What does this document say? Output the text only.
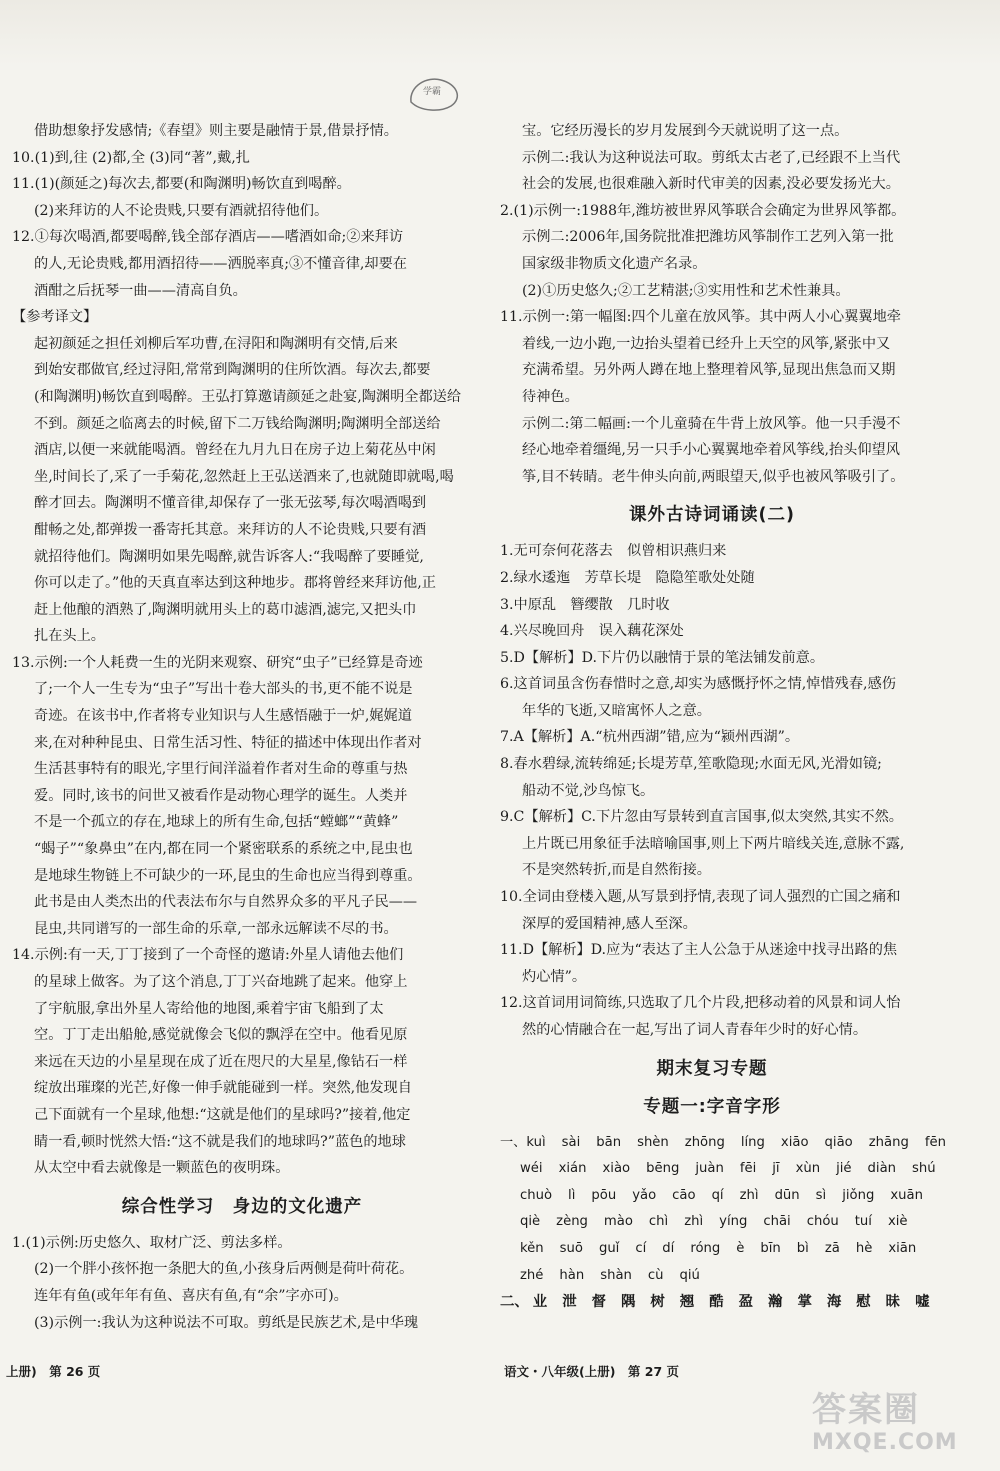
学霸

借助想象抒发感情;《春望》则主要是融情于景,借景抒情。

10.(1)到,往 (2)都,全 (3)同“著”,戴,扎

11.(1)(颜延之)每次去,都要(和陶渊明)畅饮直到喝醉。

(2)来拜访的人不论贵贱,只要有酒就招待他们。

12.①每次喝酒,都要喝醉,钱全部存酒店——嗜酒如命;②来拜访

的人,无论贵贱,都用酒招待——洒脱率真;③不懂音律,却要在

酒酣之后抚琴一曲——清高自负。

【参考译文】

起初颜延之担任刘柳后军功曹,在浔阳和陶渊明有交情,后来

到始安郡做官,经过浔阳,常常到陶渊明的住所饮酒。每次去,都要

(和陶渊明)畅饮直到喝醉。王弘打算邀请颜延之赴宴,陶渊明全都送给

不到。颜延之临离去的时候,留下二万钱给陶渊明;陶渊明全部送给

酒店,以便一来就能喝酒。曾经在九月九日在房子边上菊花丛中闲

坐,时间长了,采了一手菊花,忽然赶上王弘送酒来了,也就随即就喝,喝

醉才回去。陶渊明不懂音律,却保存了一张无弦琴,每次喝酒喝到

酣畅之处,都弹拨一番寄托其意。来拜访的人不论贵贱,只要有酒

就招待他们。陶渊明如果先喝醉,就告诉客人:“我喝醉了要睡觉,

你可以走了。”他的天真直率达到这种地步。郡将曾经来拜访他,正

赶上他酿的酒熟了,陶渊明就用头上的葛巾滤酒,滤完,又把头巾

扎在头上。

13.示例:一个人耗费一生的光阴来观察、研究“虫子”已经算是奇迹

了;一个人一生专为“虫子”写出十卷大部头的书,更不能不说是

奇迹。在该书中,作者将专业知识与人生感悟融于一炉,娓娓道

来,在对种种昆虫、日常生活习性、特征的描述中体现出作者对

生活甚事特有的眼光,字里行间洋溢着作者对生命的尊重与热

爱。同时,该书的问世又被看作是动物心理学的诞生。人类并

不是一个孤立的存在,地球上的所有生命,包括“螳螂”“黄蜂”

“蝎子”“象鼻虫”在内,都在同一个紧密联系的系统之中,昆虫也

是地球生物链上不可缺少的一环,昆虫的生命也应当得到尊重。

此书是由人类杰出的代表法布尔与自然界众多的平凡子民——

昆虫,共同谱写的一部生命的乐章,一部永远解读不尽的书。

14.示例:有一天,丁丁接到了一个奇怪的邀请:外星人请他去他们

的星球上做客。为了这个消息,丁丁兴奋地跳了起来。他穿上

了宇航服,拿出外星人寄给他的地图,乘着宇宙飞船到了太

空。丁丁走出船舱,感觉就像会飞似的飘浮在空中。他看见原

来远在天边的小星星现在成了近在咫尺的大星星,像钻石一样

绽放出璀璨的光芒,好像一伸手就能碰到一样。突然,他发现自

己下面就有一个星球,他想:“这就是他们的星球吗?”接着,他定

睛一看,顿时恍然大悟:“这不就是我们的地球吗?”蓝色的地球

从太空中看去就像是一颗蓝色的夜明珠。

综合性学习　身边的文化遗产

1.(1)示例:历史悠久、取材广泛、剪法多样。

(2)一个胖小孩怀抱一条肥大的鱼,小孩身后两侧是荷叶荷花。

连年有鱼(或年年有鱼、喜庆有鱼,有“余”字亦可)。

(3)示例一:我认为这种说法不可取。剪纸是民族艺术,是中华瑰

宝。它经历漫长的岁月发展到今天就说明了这一点。

示例二:我认为这种说法可取。剪纸太古老了,已经跟不上当代

社会的发展,也很难融入新时代审美的因素,没必要发扬光大。

2.(1)示例一:1988年,潍坊被世界风筝联合会确定为世界风筝都。

示例二:2006年,国务院批准把潍坊风筝制作工艺列入第一批

国家级非物质文化遗产名录。

(2)①历史悠久;②工艺精湛;③实用性和艺术性兼具。

11.示例一:第一幅图:四个儿童在放风筝。其中两人小心翼翼地牵

着线,一边小跑,一边抬头望着已经升上天空的风筝,紧张中又

充满希望。另外两人蹲在地上整理着风筝,显现出焦急而又期

待神色。

示例二:第二幅画:一个儿童骑在牛背上放风筝。他一只手漫不

经心地牵着缰绳,另一只手小心翼翼地牵着风筝线,抬头仰望风

筝,目不转睛。老牛伸头向前,两眼望天,似乎也被风筝吸引了。

课外古诗词诵读(二)

1.无可奈何花落去　似曾相识燕归来

2.绿水逶迤　芳草长堤　隐隐笙歌处处随

3.中原乱　簪缨散　几时收

4.兴尽晚回舟　误入藕花深处

5.D【解析】D.下片仍以融情于景的笔法铺发前意。

6.这首词虽含伤春惜时之意,却实为感慨抒怀之情,悼惜残春,感伤

年华的飞逝,又暗寓怀人之意。

7.A【解析】A.“杭州西湖”错,应为“颍州西湖”。

8.春水碧绿,流转绵延;长堤芳草,笙歌隐现;水面无风,光滑如镜;

船动不觉,沙鸟惊飞。

9.C【解析】C.下片忽由写景转到直言国事,似太突然,其实不然。

上片既已用象征手法暗喻国事,则上下两片暗线关连,意脉不露,

不是突然转折,而是自然衔接。

10.全词由登楼入题,从写景到抒情,表现了词人强烈的亡国之痛和

深厚的爱国精神,感人至深。

11.D【解析】D.应为“表达了主人公急于从迷途中找寻出路的焦

灼心情”。

12.这首词用词简练,只选取了几个片段,把移动着的风景和词人怡

然的心情融合在一起,写出了词人青春年少时的好心情。

期末复习专题
专题一:字音字形
一、kuì sài bān shèn zhōng líng xiāo qiāo zhāng fēn
wéi xián xiào bēng juàn fēi jī xùn jié diàn shú
chuò lì pōu yǎo cāo qí zhì dūn sì jiǒng xuān
qiè zèng mào chì zhì yíng chāi chóu tuí xiè
kěn suō guǐ cí dí róng è bīn bì zā hè xiān
zhé hàn shàn cù qiú
二、 业 泄 督 隅 树 翘 酷 盈 瀚 掌 海 慰 昧 嘘
上册)　第 26 页	语文・八年级(上册)　第 27 页
答案圈
MXQE.COM
